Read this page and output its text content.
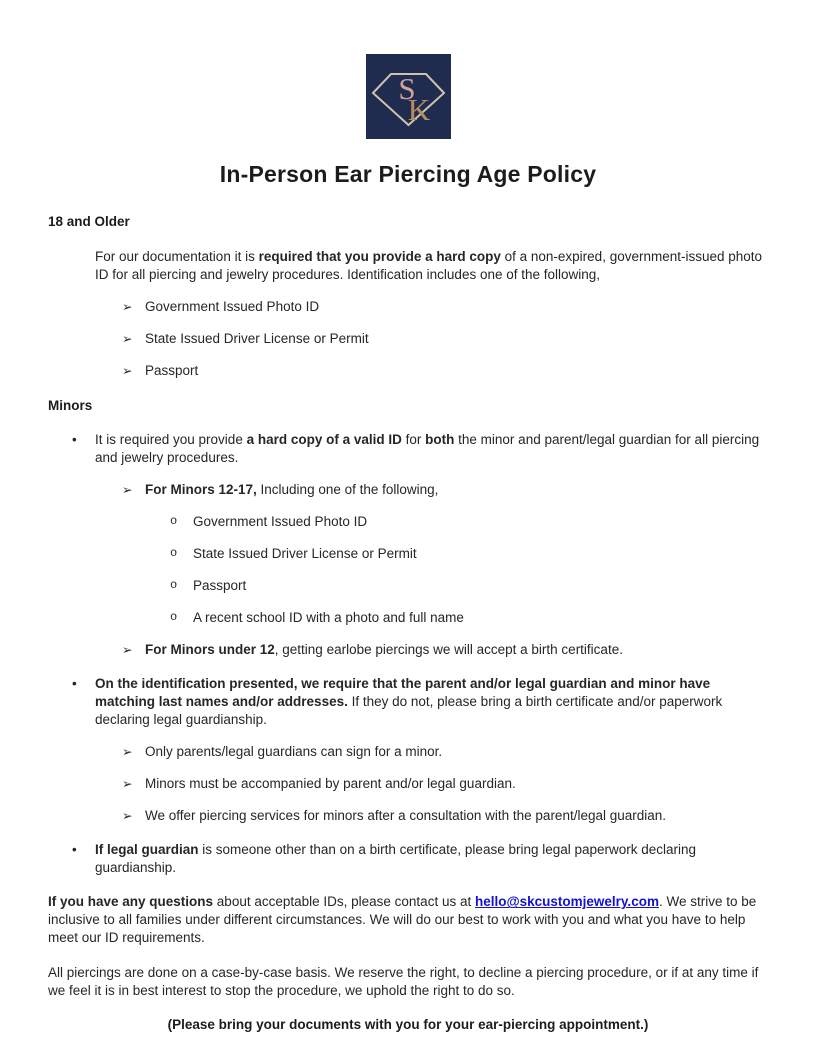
S
K
In-Person Ear Piercing Age Policy
18 and Older
For our documentation it is required that you provide a hard copy of a non-expired, government-issued photo ID for all piercing and jewelry procedures. Identification includes one of the following,
➢ Government Issued Photo ID
➢ State Issued Driver License or Permit
➢ Passport
Minors
•	It is required you provide a hard copy of a valid ID for both the minor and parent/legal guardian for all piercing and jewelry procedures.
➢ For Minors 12-17, Including one of the following,
o	Government Issued Photo ID
o	State Issued Driver License or Permit
o	Passport
o	A recent school ID with a photo and full name
➢ For Minors under 12, getting earlobe piercings we will accept a birth certificate.
•	On the identification presented, we require that the parent and/or legal guardian and minor have matching last names and/or addresses. If they do not, please bring a birth certificate and/or paperwork declaring legal guardianship.
➢ Only parents/legal guardians can sign for a minor.
➢ Minors must be accompanied by parent and/or legal guardian.
➢ We offer piercing services for minors after a consultation with the parent/legal guardian.
•	If legal guardian is someone other than on a birth certificate, please bring legal paperwork declaring guardianship.
If you have any questions about acceptable IDs, please contact us at hello@skcustomjewelry.com. We strive to be inclusive to all families under different circumstances. We will do our best to work with you and what you have to help meet our ID requirements.
All piercings are done on a case-by-case basis. We reserve the right, to decline a piercing procedure, or if at any time if we feel it is in best interest to stop the procedure, we uphold the right to do so.
(Please bring your documents with you for your ear-piercing appointment.)
